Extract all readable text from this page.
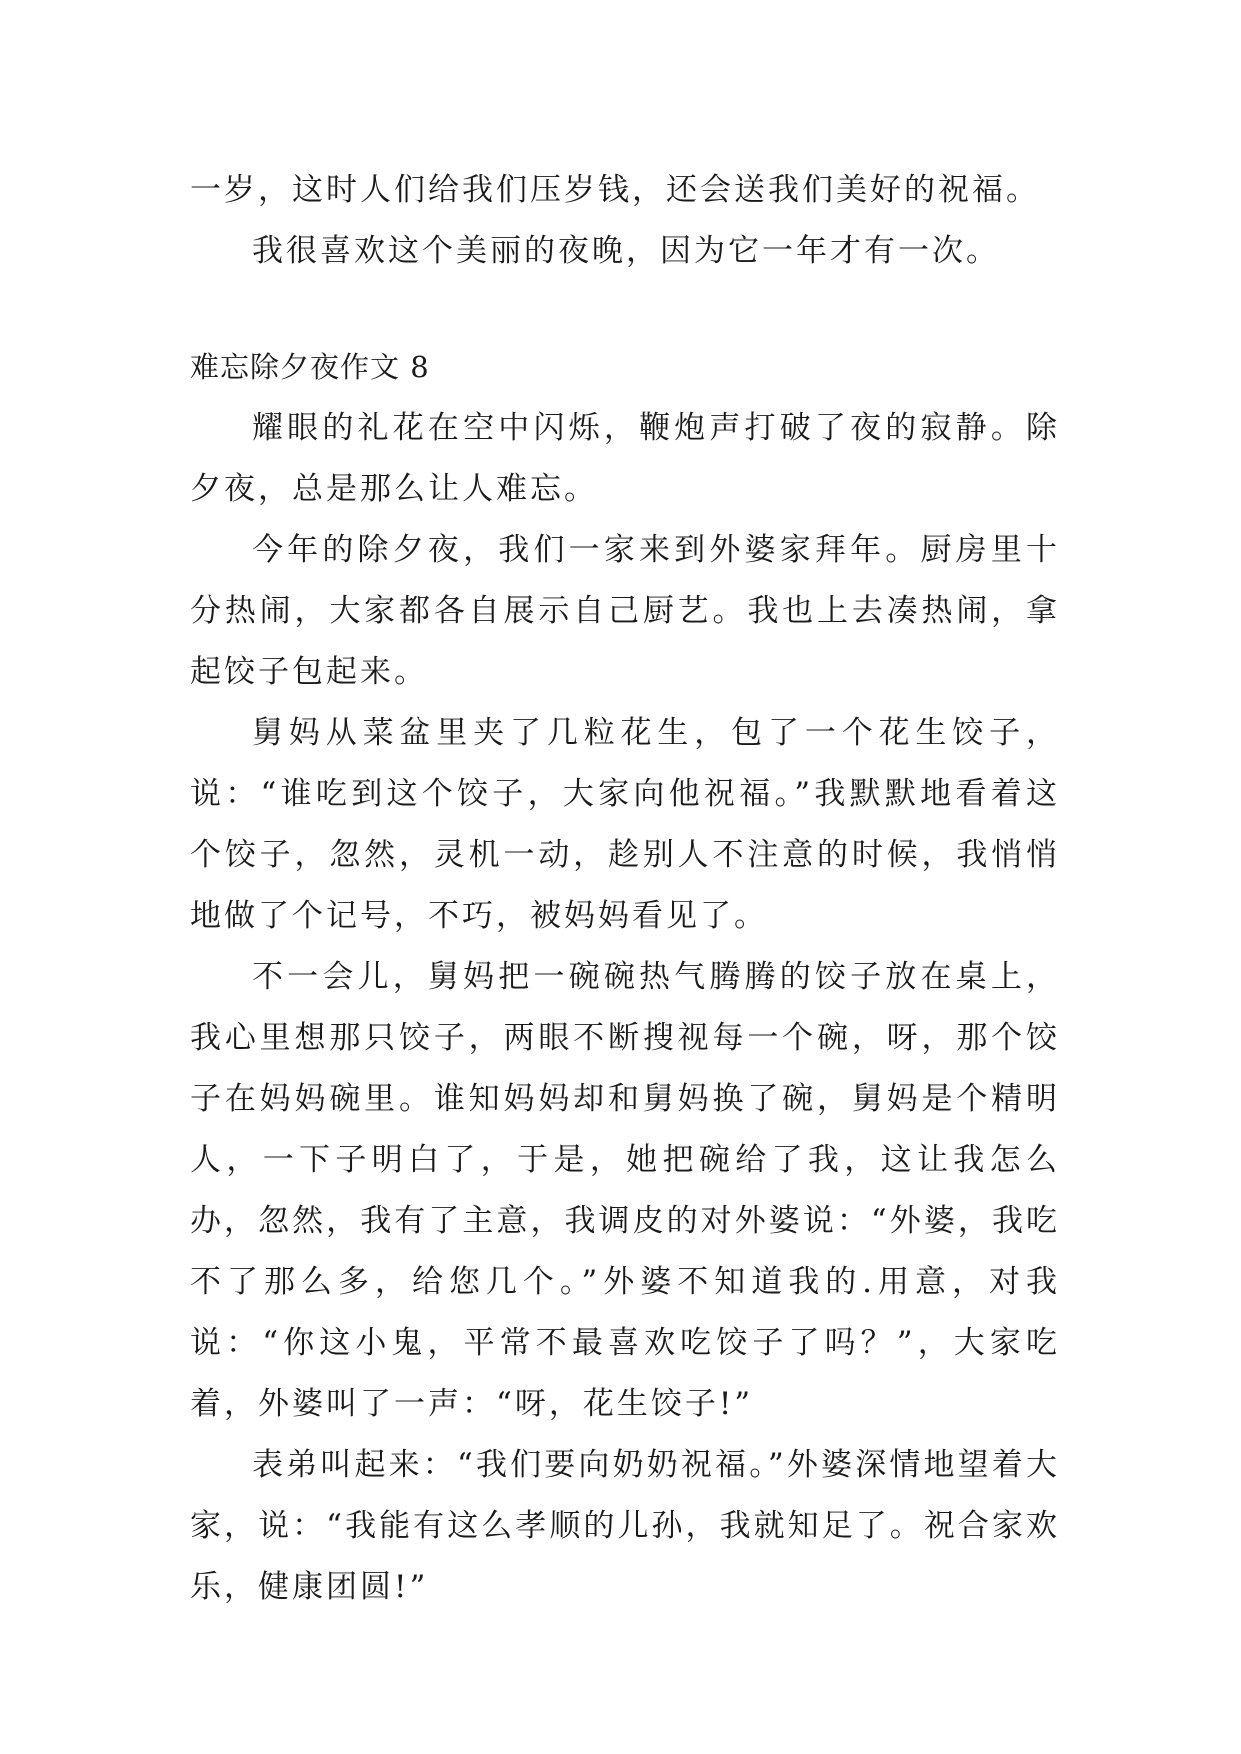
一岁，这时人们给我们压岁钱，还会送我们美好的祝福。

我很喜欢这个美丽的夜晚，因为它一年才有一次。

难忘除夕夜作文 8

耀眼的礼花在空中闪烁，鞭炮声打破了夜的寂静。除夕夜，总是那么让人难忘。

今年的除夕夜，我们一家来到外婆家拜年。厨房里十分热闹，大家都各自展示自己厨艺。我也上去凑热闹，拿起饺子包起来。

舅妈从菜盆里夹了几粒花生，包了一个花生饺子，说：“谁吃到这个饺子，大家向他祝福。”我默默地看着这个饺子，忽然，灵机一动，趁别人不注意的时候，我悄悄地做了个记号，不巧，被妈妈看见了。

不一会儿，舅妈把一碗碗热气腾腾的饺子放在桌上，我心里想那只饺子，两眼不断搜视每一个碗，呀，那个饺子在妈妈碗里。谁知妈妈却和舅妈换了碗，舅妈是个精明人，一下子明白了，于是，她把碗给了我，这让我怎么办，忽然，我有了主意，我调皮的对外婆说：“外婆，我吃不了那么多，给您几个。”外婆不知道我的.用意，对我说：“你这小鬼，平常不最喜欢吃饺子了吗？”，大家吃着，外婆叫了一声：“呀，花生饺子!”

表弟叫起来：“我们要向奶奶祝福。”外婆深情地望着大家，说：“我能有这么孝顺的儿孙，我就知足了。祝合家欢乐，健康团圆!”
